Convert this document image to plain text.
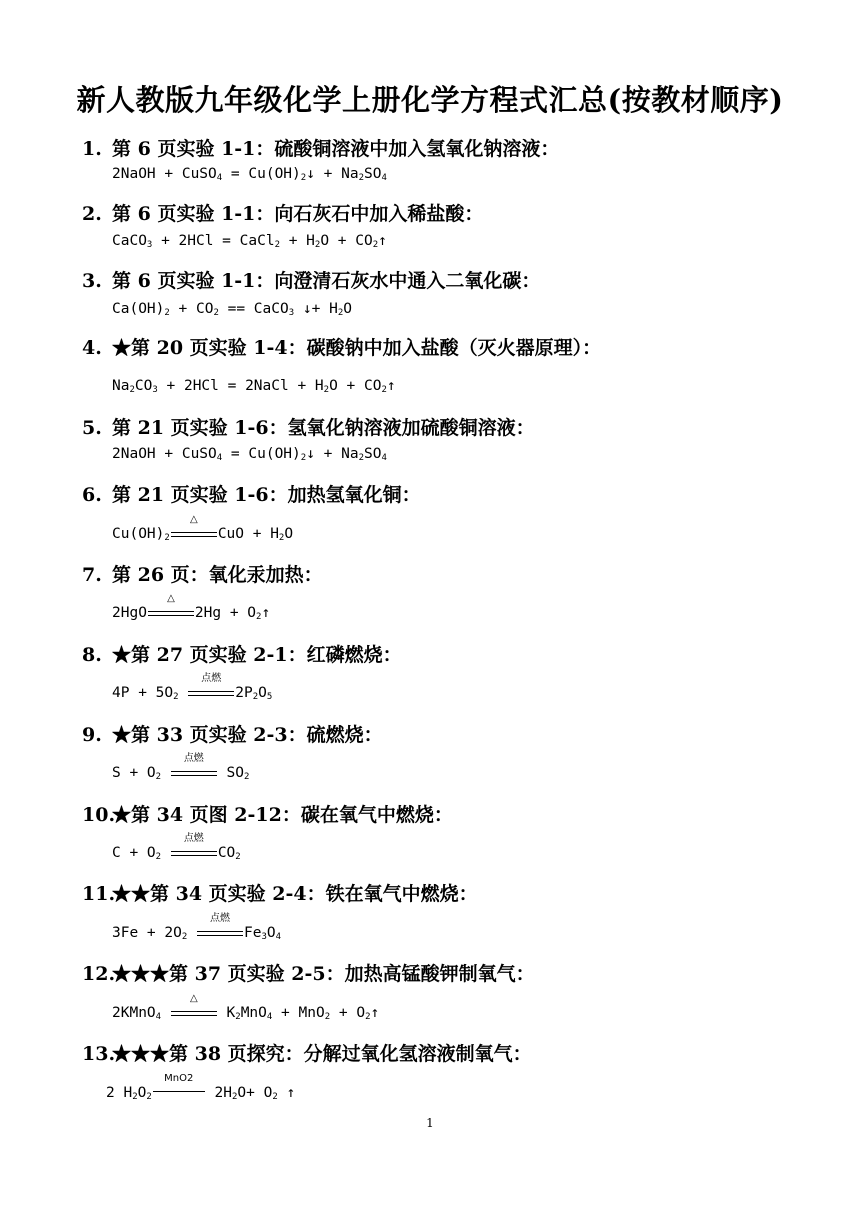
新人教版九年级化学上册化学方程式汇总(按教材顺序)
1. 第 6 页实验 1-1：硫酸铜溶液中加入氢氧化钠溶液：
2NaOH + CuSO$_4$ = $Cu(OH)_2↓ + Na_2SO_4$
2. 第 6 页实验 1-1：向石灰石中加入稀盐酸：
CaCO$_3$ + 2HCl = CaCl$_2$ + $H_2O$ + $CO_2↑$
3. 第 6 页实验 1-1：向澄清石灰水中通入二氧化碳：
$Ca(OH)_2 + CO_2$ == CaCO$_3$ ↓+ $H_2O$
4. ★第 20 页实验 1-4：碳酸钠中加入盐酸（灭火器原理）：
$Na_2CO_3 + 2HCl$ = 2NaCl + $H_2O$ + $CO_2↑$
5. 第 21 页实验 1-6：氢氧化钠溶液加硫酸铜溶液：
2NaOH + CuSO$_4$ = $Cu(OH)_2↓ + Na_2SO_4$
6. 第 21 页实验 1-6：加热氢氧化铜：
$Cu(OH)_2$
△
CuO + $H_2O$
7. 第 26 页：氧化汞加热：
2HgO
△
$2Hg + O_2↑$
8. ★第 27 页实验 2-1：红磷燃烧：
$4P + 5O_2$
点燃
$2P_2O_5$
9. ★第 33 页实验 2-3：硫燃烧：
$S + O_2$
点燃
$SO_2$
10.★第 34 页图 2-12：碳在氧气中燃烧：
$C + O_2$
点燃
$CO_2$
11.★★第 34 页实验 2-4：铁在氧气中燃烧：
$3Fe + 2O_2$
点燃
$Fe_3O_4$
12.★★★第 37 页实验 2-5：加热高锰酸钾制氧气：
2KMnO$_4$
△
$K_2MnO_4 + MnO_2$ + $O_2↑$
13.★★★第 38 页探究：分解过氧化氢溶液制氧气：
2 $H_2O_2$
MnO2
$2H_2O+ O_2$ ↑
1
